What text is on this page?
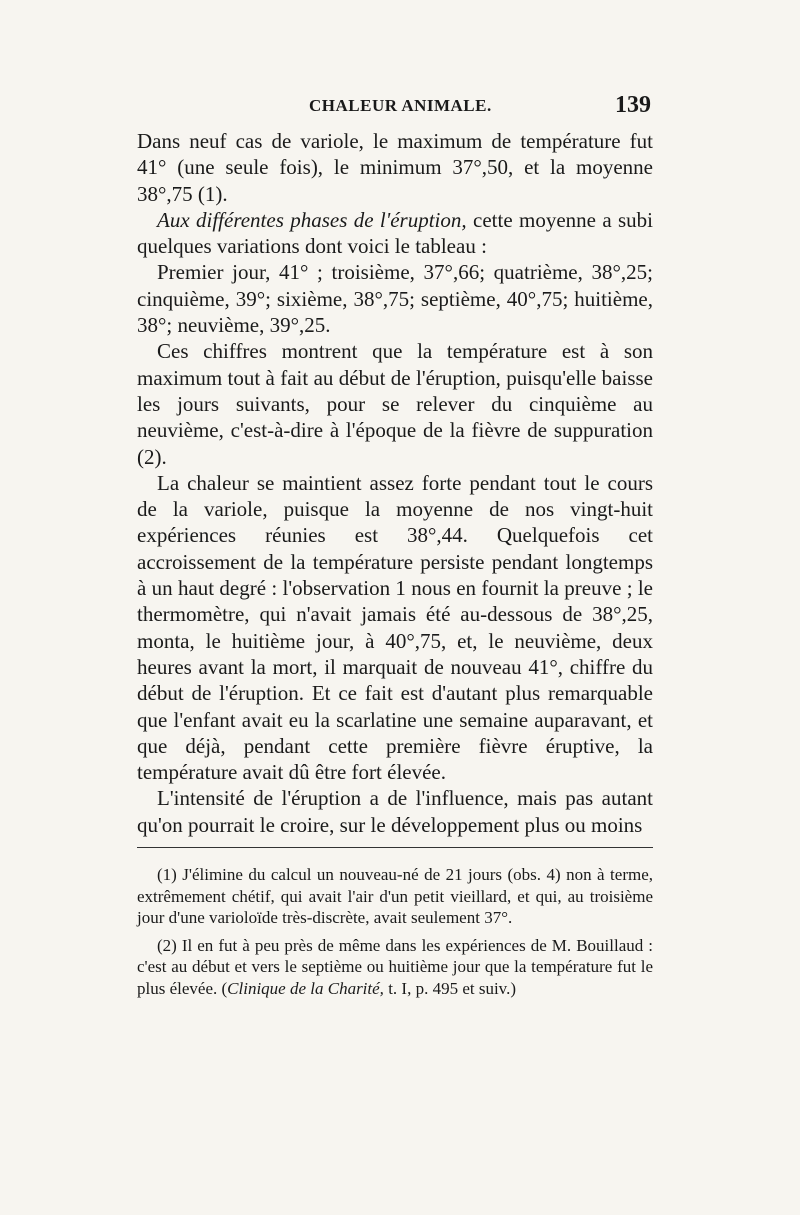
CHALEUR ANIMALE.	139

Dans neuf cas de variole, le maximum de température fut 41° (une seule fois), le minimum 37°,50, et la moyenne 38°,75 (1).

Aux différentes phases de l'éruption, cette moyenne a subi quelques variations dont voici le tableau :

Premier jour, 41° ; troisième, 37°,66; quatrième, 38°,25; cinquième, 39°; sixième, 38°,75; septième, 40°,75; huitième, 38°; neuvième, 39°,25.

Ces chiffres montrent que la température est à son maximum tout à fait au début de l'éruption, puisqu'elle baisse les jours suivants, pour se relever du cinquième au neuvième, c'est-à-dire à l'époque de la fièvre de suppuration (2).

La chaleur se maintient assez forte pendant tout le cours de la variole, puisque la moyenne de nos vingt-huit expériences réunies est 38°,44. Quelquefois cet accroissement de la température persiste pendant longtemps à un haut degré : l'observation 1 nous en fournit la preuve ; le thermomètre, qui n'avait jamais été au-dessous de 38°,25, monta, le huitième jour, à 40°,75, et, le neuvième, deux heures avant la mort, il marquait de nouveau 41°, chiffre du début de l'éruption. Et ce fait est d'autant plus remarquable que l'enfant avait eu la scarlatine une semaine auparavant, et que déjà, pendant cette première fièvre éruptive, la température avait dû être fort élevée.

L'intensité de l'éruption a de l'influence, mais pas autant qu'on pourrait le croire, sur le développement plus ou moins

(1) J'élimine du calcul un nouveau-né de 21 jours (obs. 4) non à terme, extrêmement chétif, qui avait l'air d'un petit vieillard, et qui, au troisième jour d'une varioloïde très-discrète, avait seulement 37°.

(2) Il en fut à peu près de même dans les expériences de M. Bouillaud : c'est au début et vers le septième ou huitième jour que la température fut le plus élevée. (Clinique de la Charité, t. I, p. 495 et suiv.)
